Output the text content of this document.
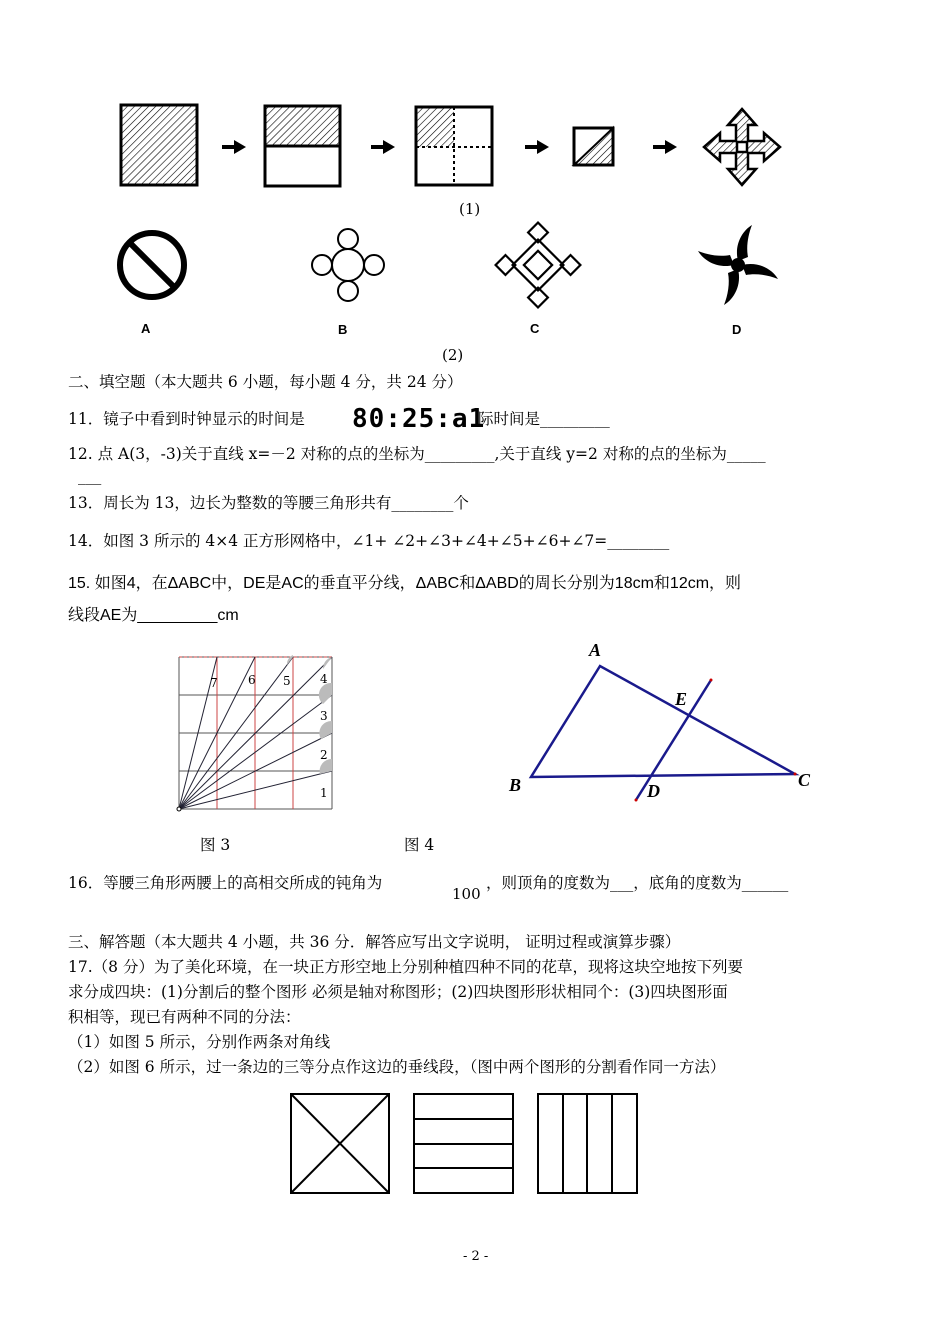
(1)
A	B	C	D
(2)
二、填空题（本大题共 6 小题，每小题 4 分，共 24 分）
11．镜子中看到时钟显示的时间是 80:25:a1
际时间是_________
12. 点 A(3，-3)关于直线 x=－2 对称的点的坐标为_________,关于直线 y=2 对称的点的坐标为_____
___
13．周长为 13，边长为整数的等腰三角形共有________个
14．如图 3 所示的 4×4 正方形网格中，∠1+ ∠2+∠3+∠4+∠5+∠6+∠7=________
15. 如图4，在ΔABC中，DE是AC的垂直平分线，ΔABC和ΔABD的周长分别为18cm和12cm，则
线段AE为_________cm
1
2
3
4
5
6
7
A
E
B	D
C
图 3	图 4
16．等腰三角形两腰上的高相交所成的钝角为
100
，则顶角的度数为___，底角的度数为______
三、解答题（本大题共 4 小题，共 36 分．解答应写出文字说明， 证明过程或演算步骤）
17.（8 分）为了美化环境，在一块正方形空地上分别种植四种不同的花草，现将这块空地按下列要
求分成四块：(1)分割后的整个图形 必须是轴对称图形；(2)四块图形形状相同个：(3)四块图形面
积相等，现已有两种不同的分法：
（1）如图 5 所示，分别作两条对角线
（2）如图 6 所示，过一条边的三等分点作这边的垂线段，（图中两个图形的分割看作同一方法）
- 2 -
